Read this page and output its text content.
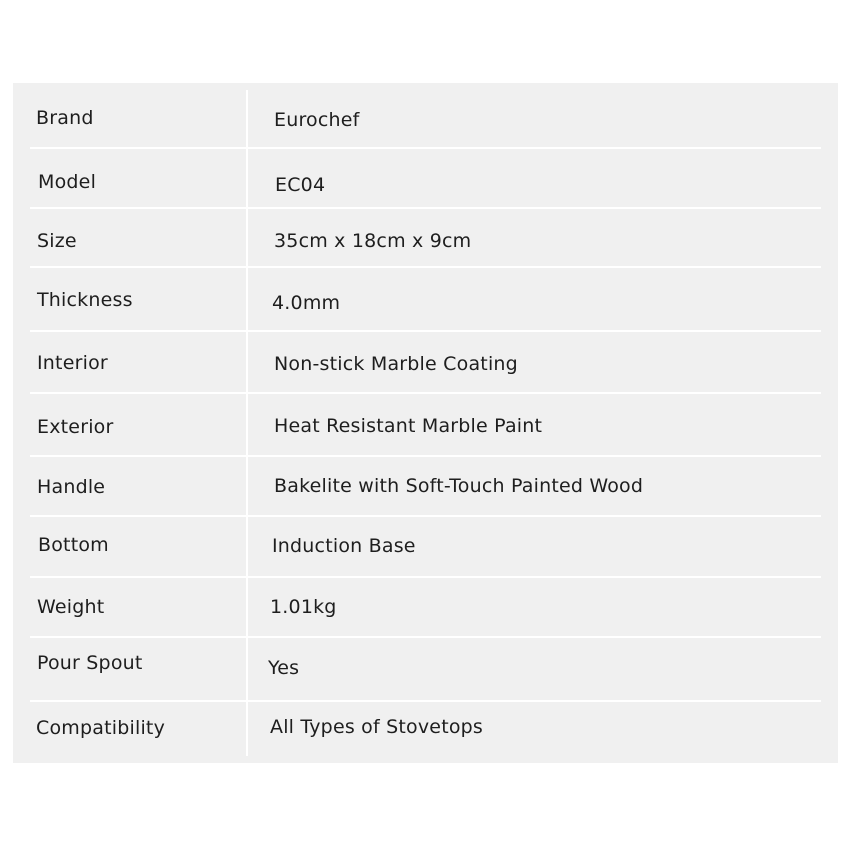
Brand	Eurochef
Model	EC04
Size	35cm x 18cm x 9cm
Thickness	4.0mm
Interior	Non-stick Marble Coating
Exterior	Heat Resistant Marble Paint
Handle	Bakelite with Soft-Touch Painted Wood
Bottom	Induction Base
Weight	1.01kg
Pour Spout	Yes
Compatibility	All Types of Stovetops
